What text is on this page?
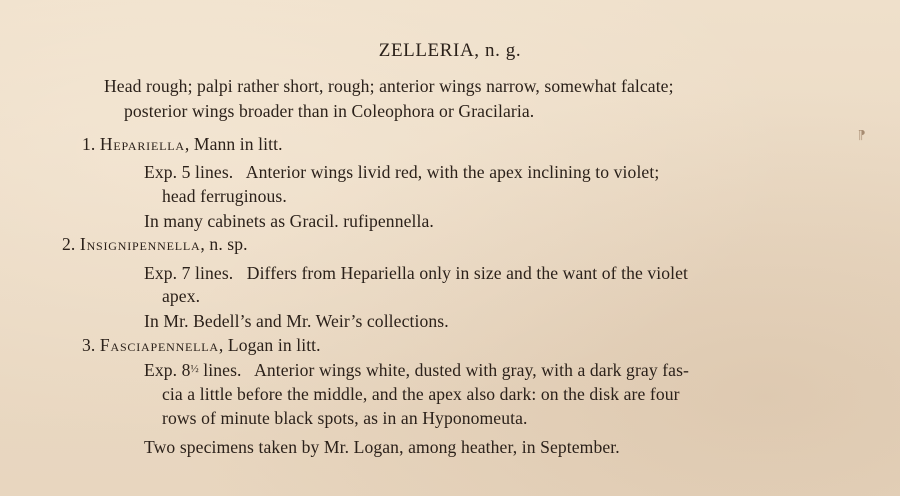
ZELLERIA, n. g.
Head rough; palpi rather short, rough; anterior wings narrow, somewhat falcate;
posterior wings broader than in Coleophora or Gracilaria.
1. Hepariella, Mann in litt.
Exp. 5 lines. Anterior wings livid red, with the apex inclining to violet;
head ferruginous.
In many cabinets as Gracil. rufipennella.
2. Insignipennella, n. sp.
Exp. 7 lines. Differs from Hepariella only in size and the want of the violet
apex.
In Mr. Bedell’s and Mr. Weir’s collections.
3. Fasciapennella, Logan in litt.
Exp. $8^{\frac{1}{2}}$ lines. Anterior wings white, dusted with gray, with a dark gray fas-
cia a little before the middle, and the apex also dark: on the disk are four
rows of minute black spots, as in an Hyponomeuta.
Two specimens taken by Mr. Logan, among heather, in September.
⁋
